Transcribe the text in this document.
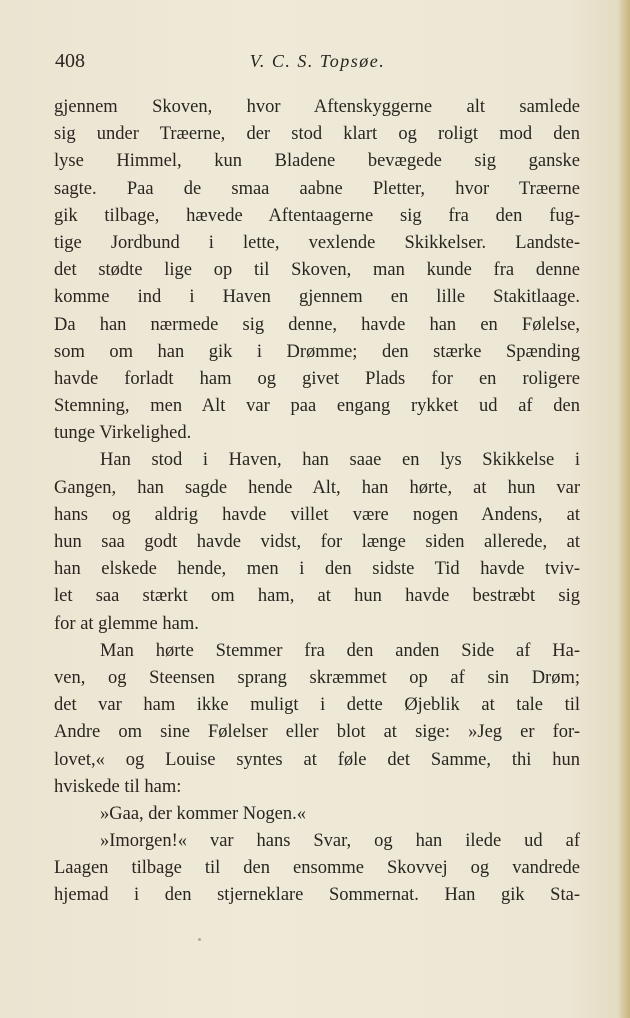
408	V. C. S. Topsøe.
gjennem Skoven, hvor Aftenskyggerne alt samlede
sig under Træerne, der stod klart og roligt mod den
lyse Himmel, kun Bladene bevægede sig ganske
sagte. Paa de smaa aabne Pletter, hvor Træerne
gik tilbage, hævede Aftentaagerne sig fra den fug-
tige Jordbund i lette, vexlende Skikkelser. Landste-
det stødte lige op til Skoven, man kunde fra denne
komme ind i Haven gjennem en lille Stakitlaage.
Da han nærmede sig denne, havde han en Følelse,
som om han gik i Drømme; den stærke Spænding
havde forladt ham og givet Plads for en roligere
Stemning, men Alt var paa engang rykket ud af den
tunge Virkelighed.
Han stod i Haven, han saae en lys Skikkelse i
Gangen, han sagde hende Alt, han hørte, at hun var
hans og aldrig havde villet være nogen Andens, at
hun saa godt havde vidst, for længe siden allerede, at
han elskede hende, men i den sidste Tid havde tviv-
let saa stærkt om ham, at hun havde bestræbt sig
for at glemme ham.
Man hørte Stemmer fra den anden Side af Ha-
ven, og Steensen sprang skræmmet op af sin Drøm;
det var ham ikke muligt i dette Øjeblik at tale til
Andre om sine Følelser eller blot at sige: »Jeg er for-
lovet,« og Louise syntes at føle det Samme, thi hun
hviskede til ham:
»Gaa, der kommer Nogen.«
»Imorgen!« var hans Svar, og han ilede ud af
Laagen tilbage til den ensomme Skovvej og vandrede
hjemad i den stjerneklare Sommernat. Han gik Sta-
